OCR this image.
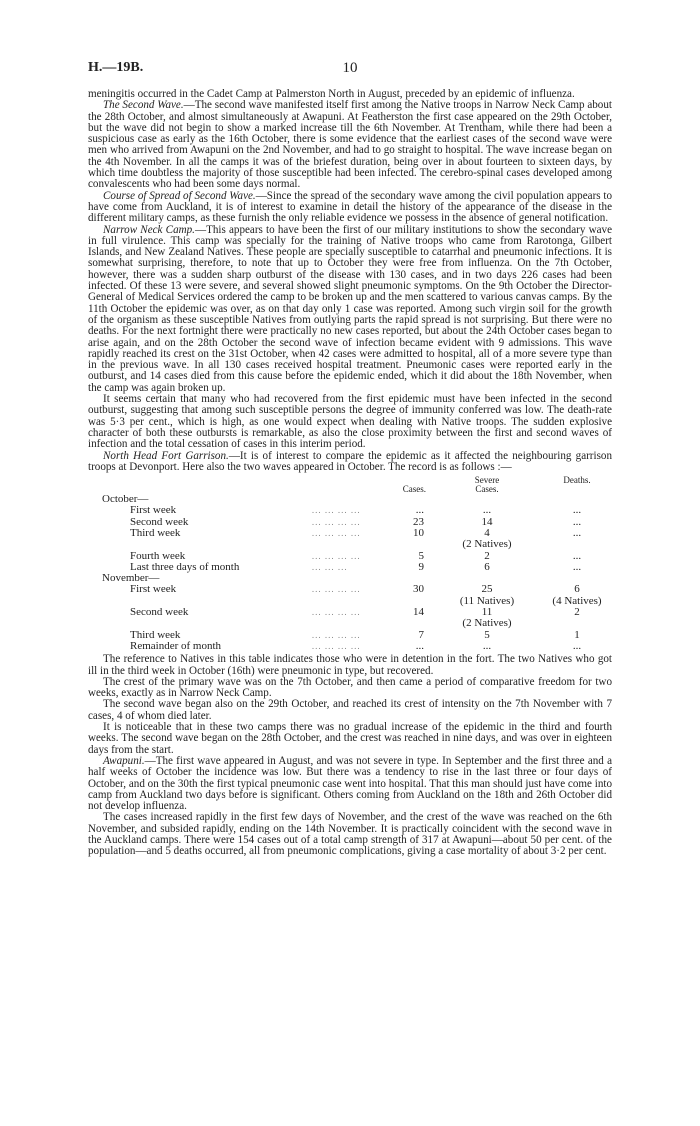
H.—19B.	10

meningitis occurred in the Cadet Camp at Palmerston North in August, preceded by an epidemic of influenza.

The Second Wave.—The second wave manifested itself first among the Native troops in Narrow Neck Camp about the 28th October, and almost simultaneously at Awapuni. At Featherston the first case appeared on the 29th October, but the wave did not begin to show a marked increase till the 6th November. At Trentham, while there had been a suspicious case as early as the 16th October, there is some evidence that the earliest cases of the second wave were men who arrived from Awapuni on the 2nd November, and had to go straight to hospital. The wave increase began on the 4th November. In all the camps it was of the briefest duration, being over in about fourteen to sixteen days, by which time doubtless the majority of those susceptible had been infected. The cerebro-spinal cases developed among convalescents who had been some days normal.

Course of Spread of Second Wave.—Since the spread of the secondary wave among the civil population appears to have come from Auckland, it is of interest to examine in detail the history of the appearance of the disease in the different military camps, as these furnish the only reliable evidence we possess in the absence of general notification.

Narrow Neck Camp.—This appears to have been the first of our military institutions to show the secondary wave in full virulence. This camp was specially for the training of Native troops who came from Rarotonga, Gilbert Islands, and New Zealand Natives. These people are specially susceptible to catarrhal and pneumonic infections. It is somewhat surprising, therefore, to note that up to October they were free from influenza. On the 7th October, however, there was a sudden sharp outburst of the disease with 130 cases, and in two days 226 cases had been infected. Of these 13 were severe, and several showed slight pneumonic symptoms. On the 9th October the Director-General of Medical Services ordered the camp to be broken up and the men scattered to various canvas camps. By the 11th October the epidemic was over, as on that day only 1 case was reported. Among such virgin soil for the growth of the organism as these susceptible Natives from outlying parts the rapid spread is not surprising. But there were no deaths. For the next fortnight there were practically no new cases reported, but about the 24th October cases began to arise again, and on the 28th October the second wave of infection became evident with 9 admissions. This wave rapidly reached its crest on the 31st October, when 42 cases were admitted to hospital, all of a more severe type than in the previous wave. In all 130 cases received hospital treatment. Pneumonic cases were reported early in the outburst, and 14 cases died from this cause before the epidemic ended, which it did about the 18th November, when the camp was again broken up.

It seems certain that many who had recovered from the first epidemic must have been infected in the second outburst, suggesting that among such susceptible persons the degree of immunity conferred was low. The death-rate was 5·3 per cent., which is high, as one would expect when dealing with Native troops. The sudden explosive character of both these outbursts is remarkable, as also the close proximity between the first and second waves of infection and the total cessation of cases in this interim period.

North Head Fort Garrison.—It is of interest to compare the epidemic as it affected the neighbouring garrison troops at Devonport. Here also the two waves appeared in October. The record is as follows :—

		Cases.	Severe Cases.	Deaths.
October—				
First week	... ... ... ...	...	...	...
Second week	... ... ... ...	23	14	...
Third week	... ... ... ...	10	4	...
			(2 Natives)	
Fourth week	... ... ... ...	5	2	...
Last three days of month	... ... ...	9	6	...
November—				
First week	... ... ... ...	30	25	6
			(11 Natives)	(4 Natives)
Second week	... ... ... ...	14	11	2
			(2 Natives)	
Third week	... ... ... ...	7	5	1
Remainder of month	... ... ... ...	...	...	...

The reference to Natives in this table indicates those who were in detention in the fort. The two Natives who got ill in the third week in October (16th) were pneumonic in type, but recovered.

The crest of the primary wave was on the 7th October, and then came a period of comparative freedom for two weeks, exactly as in Narrow Neck Camp.

The second wave began also on the 29th October, and reached its crest of intensity on the 7th November with 7 cases, 4 of whom died later.

It is noticeable that in these two camps there was no gradual increase of the epidemic in the third and fourth weeks. The second wave began on the 28th October, and the crest was reached in nine days, and was over in eighteen days from the start.

Awapuni.—The first wave appeared in August, and was not severe in type. In September and the first three and a half weeks of October the incidence was low. But there was a tendency to rise in the last three or four days of October, and on the 30th the first typical pneumonic case went into hospital. That this man should just have come into camp from Auckland two days before is significant. Others coming from Auckland on the 18th and 26th October did not develop influenza.

The cases increased rapidly in the first few days of November, and the crest of the wave was reached on the 6th November, and subsided rapidly, ending on the 14th November. It is practically coincident with the second wave in the Auckland camps. There were 154 cases out of a total camp strength of 317 at Awapuni—about 50 per cent. of the population—and 5 deaths occurred, all from pneumonic complications, giving a case mortality of about 3·2 per cent.
